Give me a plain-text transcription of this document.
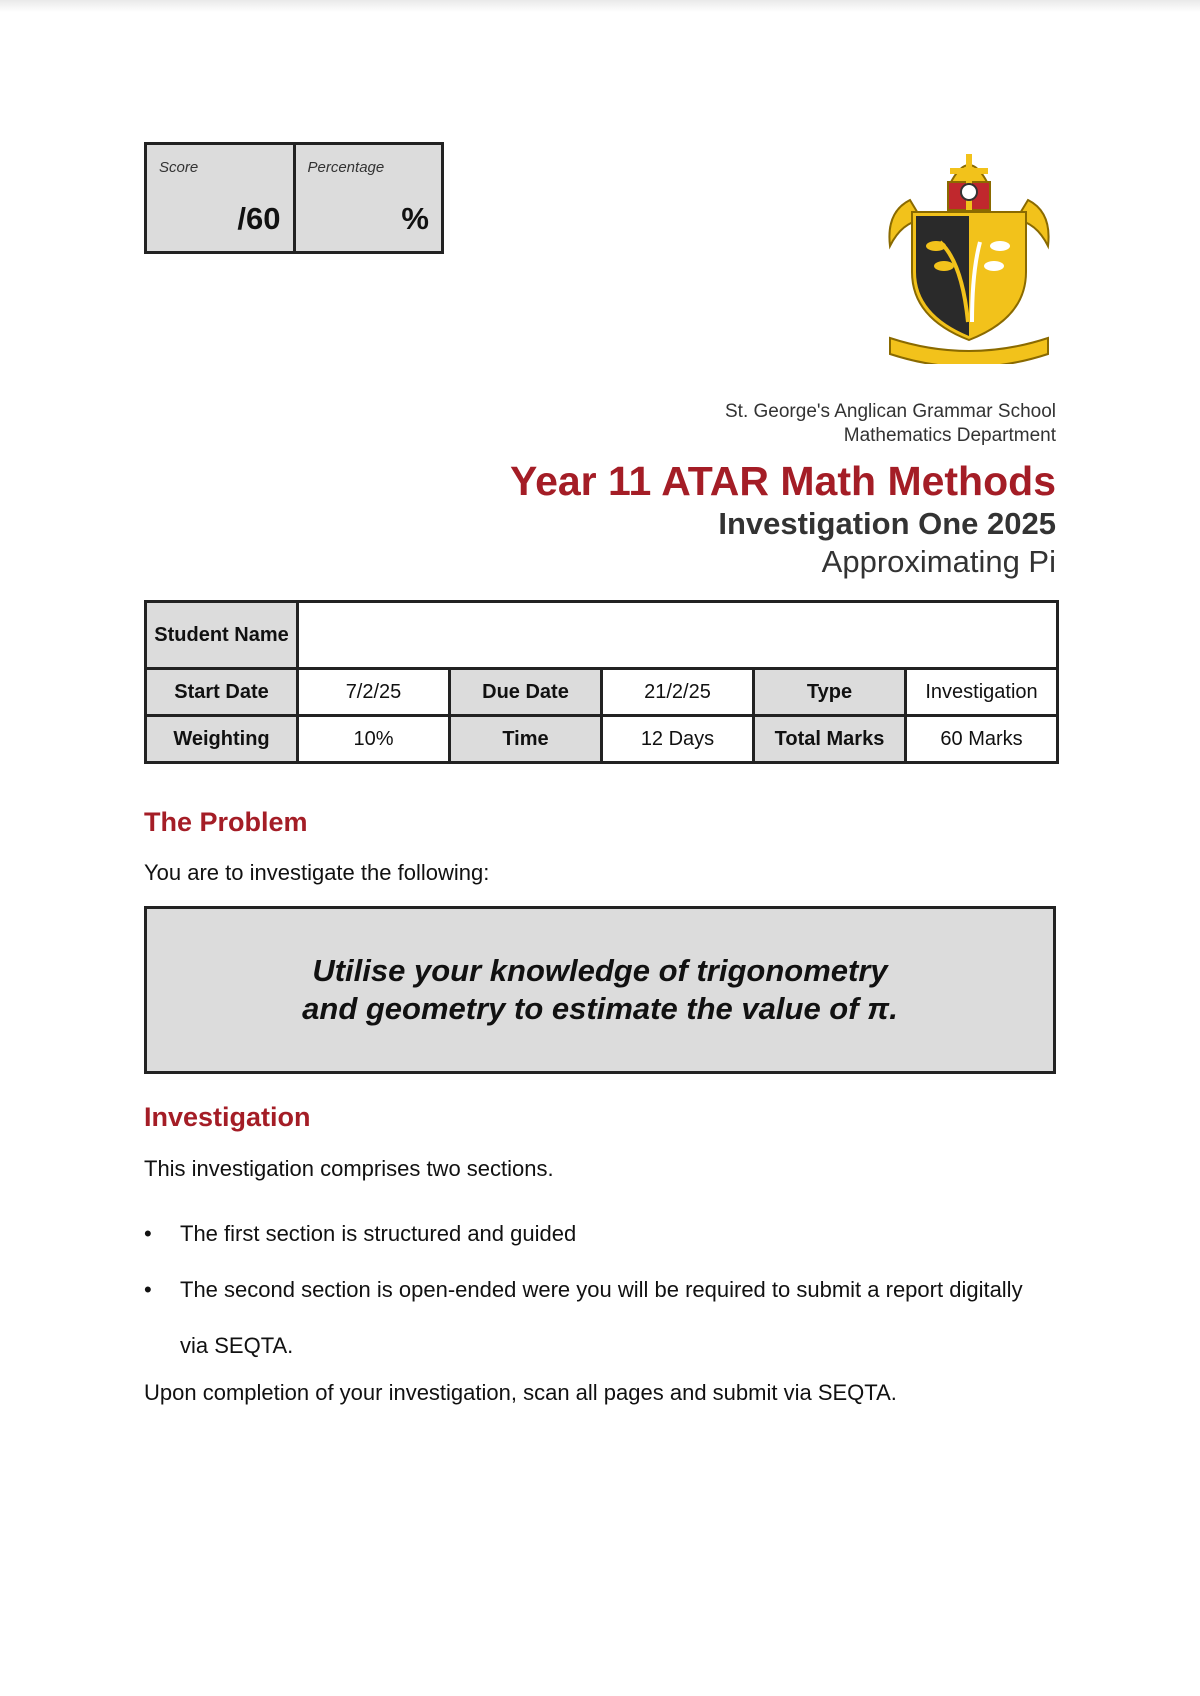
Score
/60
Percentage
%
St. George's Anglican Grammar School
Mathematics Department
Year 11 ATAR Math Methods
Investigation One 2025
Approximating Pi
Student Name					
Start Date	7/2/25	Due Date	21/2/25	Type	Investigation
Weighting	10%	Time	12 Days	Total Marks	60 Marks
The Problem
You are to investigate the following:
Utilise your knowledge of trigonometry
and geometry to estimate the value of π.
Investigation
This investigation comprises two sections.
• The first section is structured and guided
• The second section is open-ended were you will be required to submit a report digitally via SEQTA.
Upon completion of your investigation, scan all pages and submit via SEQTA.
